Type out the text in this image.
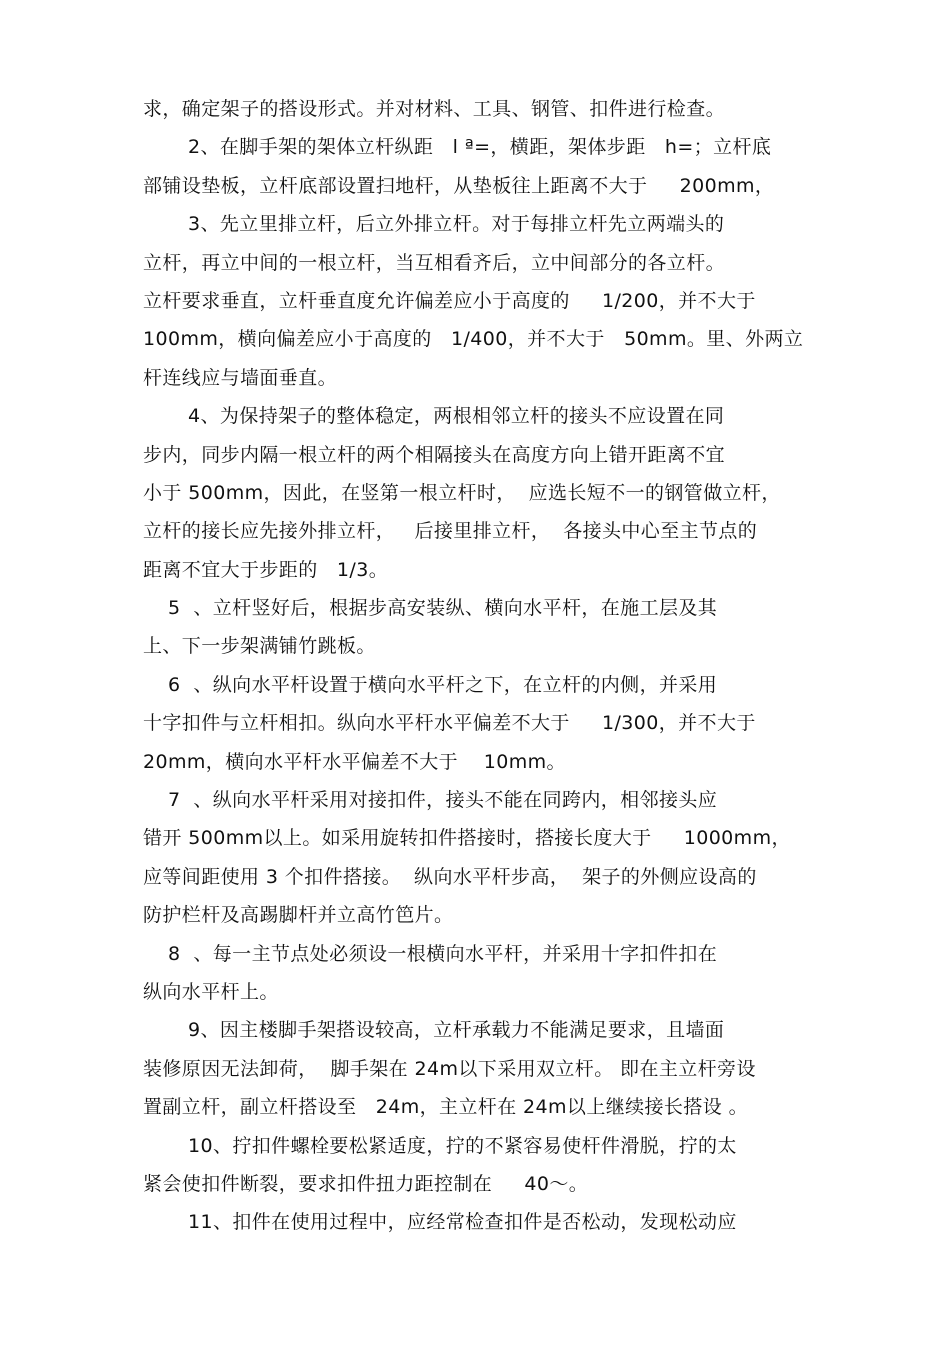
求，确定架子的搭设形式。并对材料、工具、钢管、扣件进行检查。
2、在脚手架的架体立杆纵距   l ª=，横距，架体步距   h=；立杆底
部铺设垫板，立杆底部设置扫地杆，从垫板往上距离不大于     200mm，
3、先立里排立杆，后立外排立杆。对于每排立杆先立两端头的
立杆，再立中间的一根立杆，当互相看齐后，立中间部分的各立杆。
立杆要求垂直，立杆垂直度允许偏差应小于高度的     1/200，并不大于
100mm，横向偏差应小于高度的   1/400，并不大于   50mm。里、外两立
杆连线应与墙面垂直。
4、为保持架子的整体稳定，两根相邻立杆的接头不应设置在同
步内，同步内隔一根立杆的两个相隔接头在高度方向上错开距离不宜
小于 500mm，因此，在竖第一根立杆时，  应选长短不一的钢管做立杆，
立杆的接长应先接外排立杆，   后接里排立杆，  各接头中心至主节点的
距离不宜大于步距的   1/3。
5  、立杆竖好后，根据步高安装纵、横向水平杆，在施工层及其
上、下一步架满铺竹跳板。
6  、纵向水平杆设置于横向水平杆之下，在立杆的内侧，并采用
十字扣件与立杆相扣。纵向水平杆水平偏差不大于     1/300，并不大于
20mm，横向水平杆水平偏差不大于    10mm。
7  、纵向水平杆采用对接扣件，接头不能在同跨内，相邻接头应
错开 500mm以上。如采用旋转扣件搭接时，搭接长度大于     1000mm，
应等间距使用 3 个扣件搭接。  纵向水平杆步高，  架子的外侧应设高的
防护栏杆及高踢脚杆并立高竹笆片。
8  、每一主节点处必须设一根横向水平杆，并采用十字扣件扣在
纵向水平杆上。
9、因主楼脚手架搭设较高，立杆承载力不能满足要求，且墙面
装修原因无法卸荷，  脚手架在 24m以下采用双立杆。 即在主立杆旁设
置副立杆，副立杆搭设至   24m，主立杆在 24m以上继续接长搭设 。
10、拧扣件螺栓要松紧适度，拧的不紧容易使杆件滑脱，拧的太
紧会使扣件断裂，要求扣件扭力距控制在     40～。
11、扣件在使用过程中，应经常检查扣件是否松动，发现松动应
